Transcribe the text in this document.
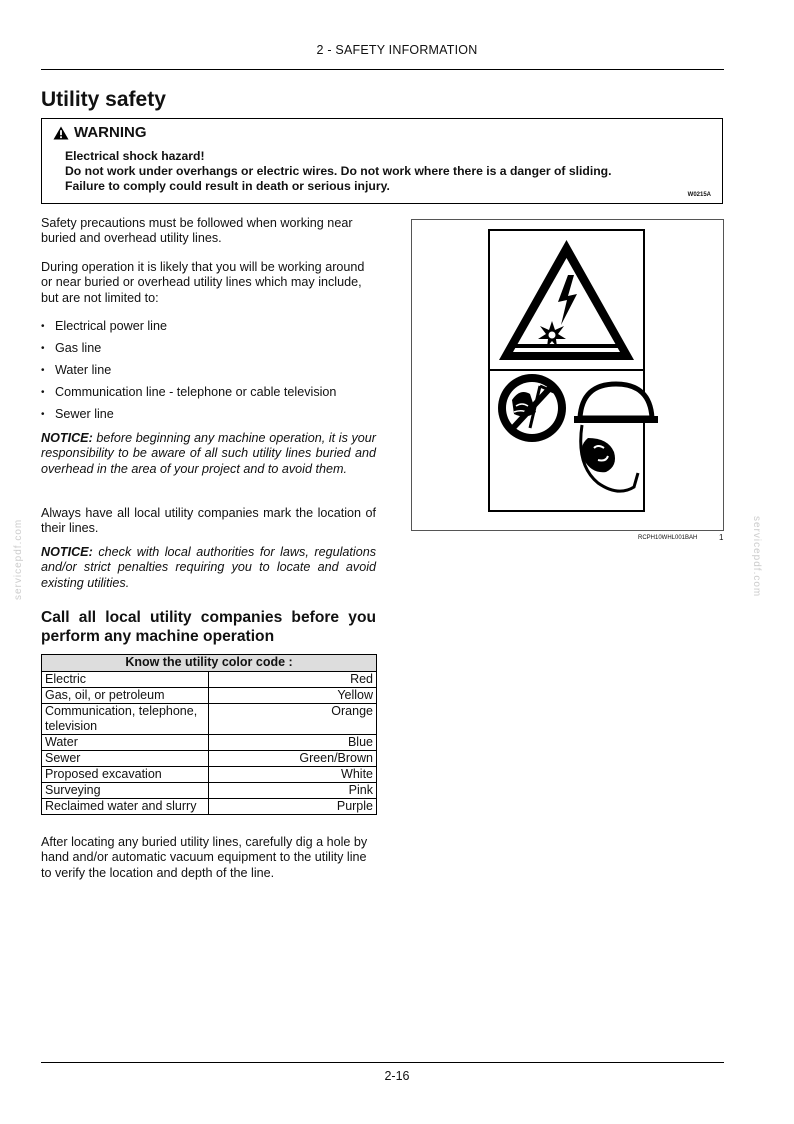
2 - SAFETY INFORMATION
Utility safety
WARNING
Electrical shock hazard!
Do not work under overhangs or electric wires. Do not work where there is a danger of sliding.
Failure to comply could result in death or serious injury.
W0215A

Safety precautions must be followed when working near buried and overhead utility lines.

During operation it is likely that you will be working around or near buried or overhead utility lines which may include, but are not limited to:

• Electrical power line
• Gas line
• Water line
• Communication line - telephone or cable television
• Sewer line
NOTICE: before beginning any machine operation, it is your responsibility to be aware of all such utility lines buried and overhead in the area of your project and to avoid them.

Always have all local utility companies mark the location of their lines.

NOTICE: check with local authorities for laws, regulations and/or strict penalties requiring you to locate and avoid existing utilities.
Call all local utility companies before you perform any machine operation
Know the utility color code :	
Electric	Red
Gas, oil, or petroleum	Yellow
Communication, telephone, television	Orange
Water	Blue
Sewer	Green/Brown
Proposed excavation	White
Surveying	Pink
Reclaimed water and slurry	Purple

After locating any buried utility lines, carefully dig a hole by hand and/or automatic vacuum equipment to the utility line to verify the location and depth of the line.

RCPH10WHL001BAH	1
servicepdf.com	servicepdf.com
2-16
